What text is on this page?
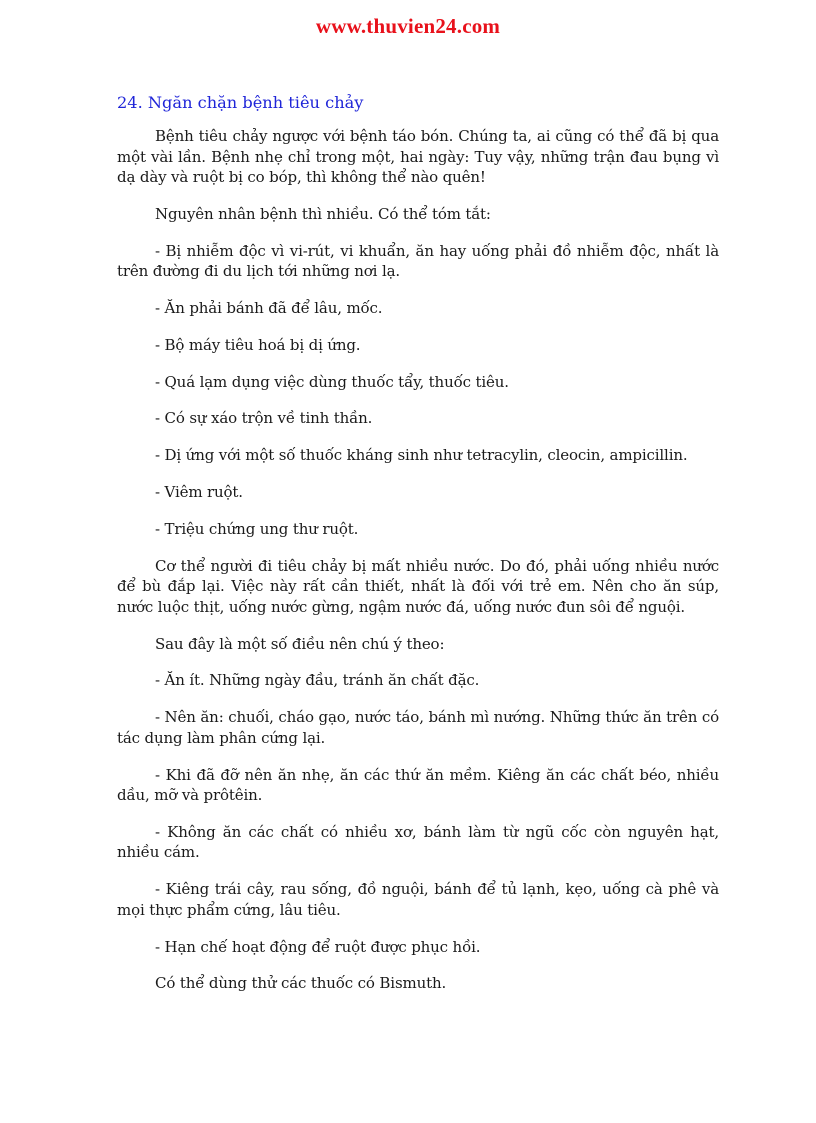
www.thuvien24.com
24. Ngăn chặn bệnh tiêu chảy

Bệnh tiêu chảy ngược với bệnh táo bón. Chúng ta, ai cũng có thể đã bị qua một vài lần. Bệnh nhẹ chỉ trong một, hai ngày: Tuy vậy, những trận đau bụng vì dạ dày và ruột bị co bóp, thì không thể nào quên!

Nguyên nhân bệnh thì nhiều. Có thể tóm tắt:

- Bị nhiễm độc vì vi-rút, vi khuẩn, ăn hay uống phải đồ nhiễm độc, nhất là trên đường đi du lịch tới những nơi lạ.

- Ăn phải bánh đã để lâu, mốc.

- Bộ máy tiêu hoá bị dị ứng.

- Quá lạm dụng việc dùng thuốc tẩy, thuốc tiêu.

- Có sự xáo trộn về tinh thần.

- Dị ứng với một số thuốc kháng sinh như tetracylin, cleocin, ampicillin.

- Viêm ruột.

- Triệu chứng ung thư ruột.

Cơ thể người đi tiêu chảy bị mất nhiều nước. Do đó, phải uống nhiều nước để bù đắp lại. Việc này rất cần thiết, nhất là đối với trẻ em. Nên cho ăn súp, nước luộc thịt, uống nước gừng, ngậm nước đá, uống nước đun sôi để nguội.

Sau đây là một số điều nên chú ý theo:

- Ăn ít. Những ngày đầu, tránh ăn chất đặc.

- Nên ăn: chuối, cháo gạo, nước táo, bánh mì nướng. Những thức ăn trên có tác dụng làm phân cứng lại.

- Khi đã đỡ nên ăn nhẹ, ăn các thứ ăn mềm. Kiêng ăn các chất béo, nhiều dầu, mỡ và prôtêin.

- Không ăn các chất có nhiều xơ, bánh làm từ ngũ cốc còn nguyên hạt, nhiều cám.

- Kiêng trái cây, rau sống, đồ nguội, bánh để tủ lạnh, kẹo, uống cà phê và mọi thực phẩm cứng, lâu tiêu.

- Hạn chế hoạt động để ruột được phục hồi.

Có thể dùng thử các thuốc có Bismuth.
